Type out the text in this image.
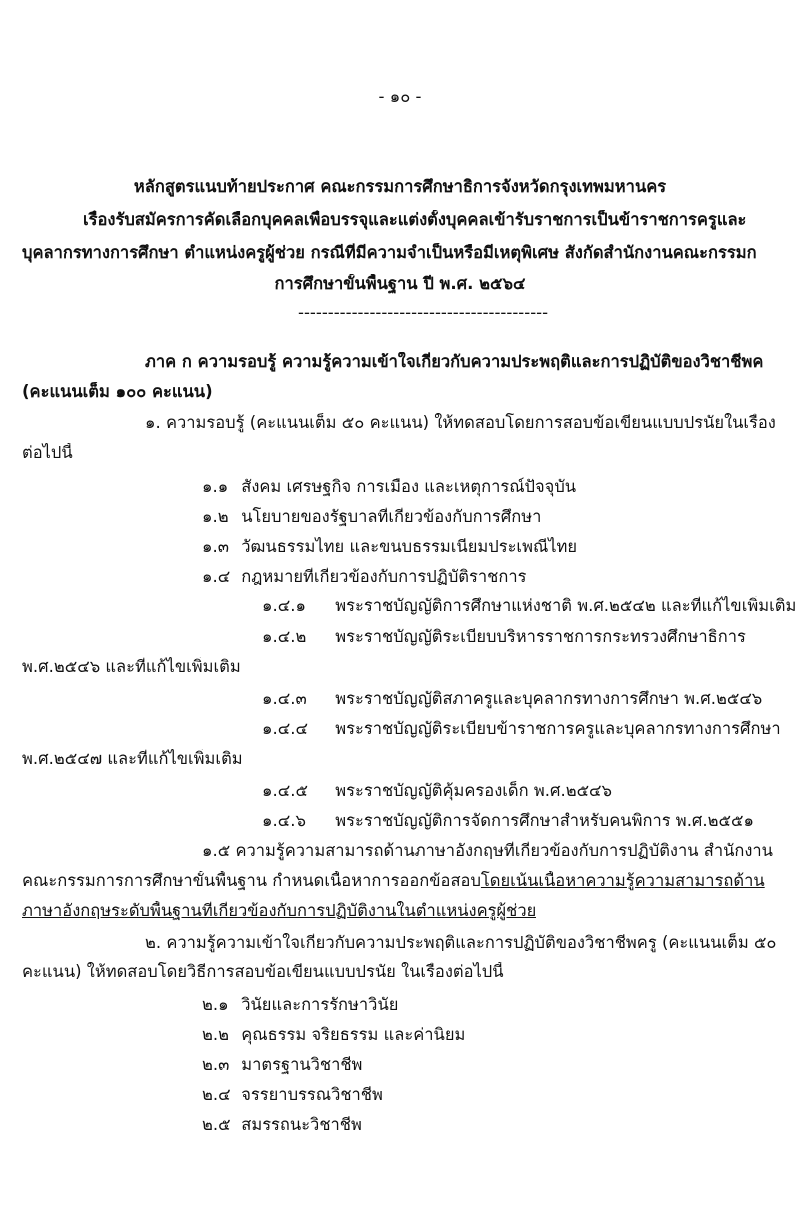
- ๑๐ -
หลักสูตรแนบท้ายประกาศ คณะกรรมการศึกษาธิการจังหวัดกรุงเทพมหานคร
เรื่องรับสมัครการคัดเลือกบุคคลเพื่อบรรจุและแต่งตั้งบุคคลเข้ารับราชการเป็นข้าราชการครูและ
บุคลากรทางการศึกษา ตำแหน่งครูผู้ช่วย กรณีที่มีความจำเป็นหรือมีเหตุพิเศษ สังกัดสำนักงานคณะกรรมก
การศึกษาขั้นพื้นฐาน ปี พ.ศ. ๒๕๖๔
------------------------------------------
ภาค ก ความรอบรู้ ความรู้ความเข้าใจเกี่ยวกับความประพฤติและการปฏิบัติของวิชาชีพค
(คะแนนเต็ม ๑๐๐ คะแนน)
๑. ความรอบรู้ (คะแนนเต็ม ๕๐ คะแนน) ให้ทดสอบโดยการสอบข้อเขียนแบบปรนัยในเรื่อง
ต่อไปนี้
๑.๑ สังคม เศรษฐกิจ การเมือง และเหตุการณ์ปัจจุบัน
๑.๒ นโยบายของรัฐบาลที่เกี่ยวข้องกับการศึกษา
๑.๓ วัฒนธรรมไทย และขนบธรรมเนียมประเพณีไทย
๑.๔ กฎหมายที่เกี่ยวข้องกับการปฏิบัติราชการ
๑.๔.๑ พระราชบัญญัติการศึกษาแห่งชาติ พ.ศ.๒๕๔๒ และที่แก้ไขเพิ่มเติม
๑.๔.๒ พระราชบัญญัติระเบียบบริหารราชการกระทรวงศึกษาธิการ
พ.ศ.๒๕๔๖ และที่แก้ไขเพิ่มเติม
๑.๔.๓ พระราชบัญญัติสภาครูและบุคลากรทางการศึกษา พ.ศ.๒๕๔๖
๑.๔.๔ พระราชบัญญัติระเบียบข้าราชการครูและบุคลากรทางการศึกษา
พ.ศ.๒๕๔๗ และที่แก้ไขเพิ่มเติม
๑.๔.๕ พระราชบัญญัติคุ้มครองเด็ก พ.ศ.๒๕๔๖
๑.๔.๖ พระราชบัญญัติการจัดการศึกษาสำหรับคนพิการ พ.ศ.๒๕๕๑
๑.๕ ความรู้ความสามารถด้านภาษาอังกฤษที่เกี่ยวข้องกับการปฏิบัติงาน สำนักงาน
คณะกรรมการการศึกษาขั้นพื้นฐาน กำหนดเนื้อหาการออกข้อสอบโดยเน้นเนื้อหาความรู้ความสามารถด้าน
ภาษาอังกฤษระดับพื้นฐานที่เกี่ยวข้องกับการปฏิบัติงานในตำแหน่งครูผู้ช่วย
๒. ความรู้ความเข้าใจเกี่ยวกับความประพฤติและการปฏิบัติของวิชาชีพครู (คะแนนเต็ม ๕๐
คะแนน) ให้ทดสอบโดยวิธีการสอบข้อเขียนแบบปรนัย ในเรื่องต่อไปนี้
๒.๑ วินัยและการรักษาวินัย
๒.๒ คุณธรรม จริยธรรม และค่านิยม
๒.๓ มาตรฐานวิชาชีพ
๒.๔ จรรยาบรรณวิชาชีพ
๒.๕ สมรรถนะวิชาชีพ
